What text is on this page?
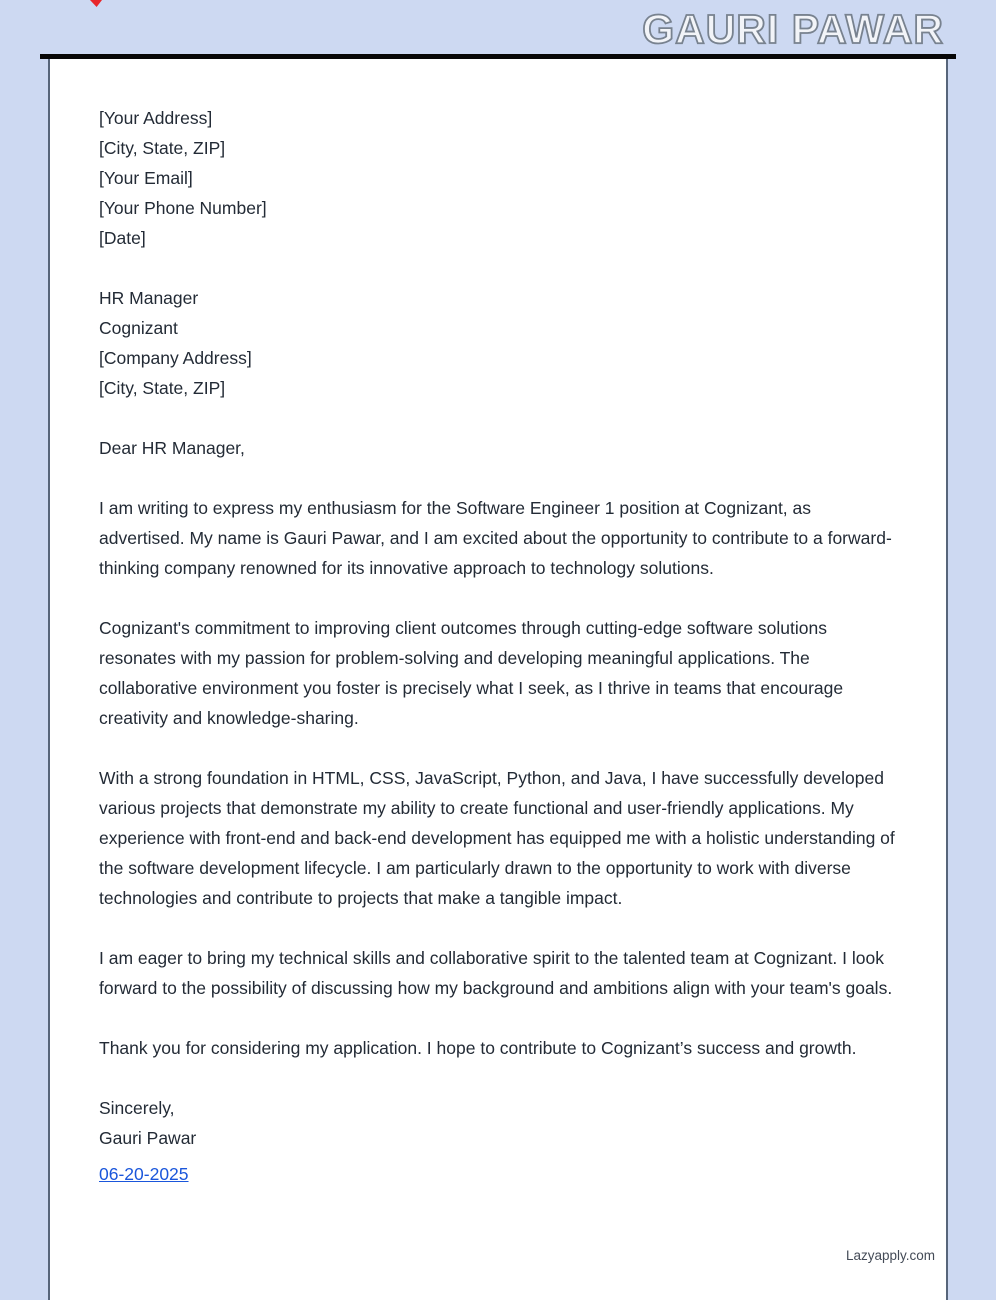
GAURI PAWAR
[Your Address]
[City, State, ZIP]
[Your Email]
[Your Phone Number]
[Date]
HR Manager
Cognizant
[Company Address]
[City, State, ZIP]

Dear HR Manager,

I am writing to express my enthusiasm for the Software Engineer 1 position at Cognizant, as advertised. My name is Gauri Pawar, and I am excited about the opportunity to contribute to a forward-thinking company renowned for its innovative approach to technology solutions.

Cognizant's commitment to improving client outcomes through cutting-edge software solutions resonates with my passion for problem-solving and developing meaningful applications. The collaborative environment you foster is precisely what I seek, as I thrive in teams that encourage creativity and knowledge-sharing.

With a strong foundation in HTML, CSS, JavaScript, Python, and Java, I have successfully developed various projects that demonstrate my ability to create functional and user-friendly applications. My experience with front-end and back-end development has equipped me with a holistic understanding of the software development lifecycle. I am particularly drawn to the opportunity to work with diverse technologies and contribute to projects that make a tangible impact.

I am eager to bring my technical skills and collaborative spirit to the talented team at Cognizant. I look forward to the possibility of discussing how my background and ambitions align with your team's goals.

Thank you for considering my application. I hope to contribute to Cognizant’s success and growth.

Sincerely,
Gauri Pawar
06-20-2025
Lazyapply.com
